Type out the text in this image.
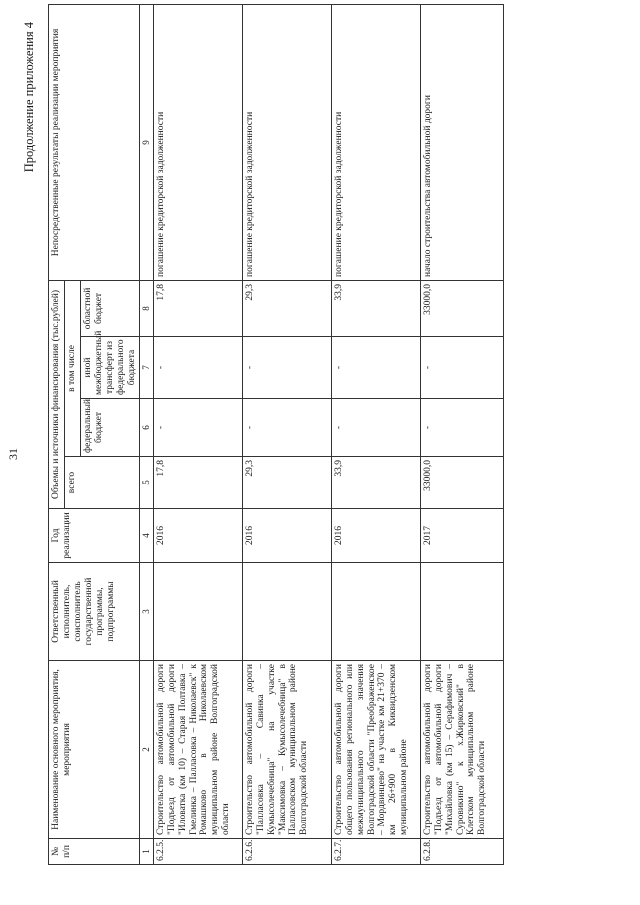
31
Продолжение приложения 4
№ п/п	Наименование основного мероприятия, мероприятия	Ответственный исполнитель, соисполнитель государственной программы, подпрограммы	Год реализации	Объемы и источники финансирования (тыс.рублей)				Непосредственные результаты реализации мероприятия
				всего	в том числе			
					федеральный бюджет	иной межбюджетный трансферт из федерального бюджета	областной бюджет	
1	2	3	4	5	6	7	8	9
6.2.5.	Строительство автомобильной дороги "Подъезд от автомобильной дороги "Иловатка (км 10) – Старая Полтавка – Гмелинка – Палласовка – Николаевск" к Ромашково в Николаевском муниципальном районе Волгоградской области		2016	17,8	-	-	17,8	погашение кредиторской задолженности
6.2.6.	Строительство автомобильной дороги "Палласовка – Савинка – Кумысолечебница" на участке "Максимовка – Кумысолечебница" в Палласовском муниципальном районе Волгоградской области		2016	29,3	-	-	29,3	погашение кредиторской задолженности
6.2.7.	Строительство автомобильной дороги общего пользования регионального или межмуниципального значения Волгоградской области "Преображенское – Мордвинцево" на участке км 21+370 – км 26+900 в Киквидзенском муниципальном районе		2016	33,9	-	-	33,9	погашение кредиторской задолженности
6.2.8.	Строительство автомобильной дороги "Подъезд от автомобильной дороги "Михайловка (км 15) – Серафимович – Суровикино" к х.Жирковский" в Клетском муниципальном районе Волгоградской области		2017	33000,0	-	-	33000,0	начало строительства автомобильной дороги
